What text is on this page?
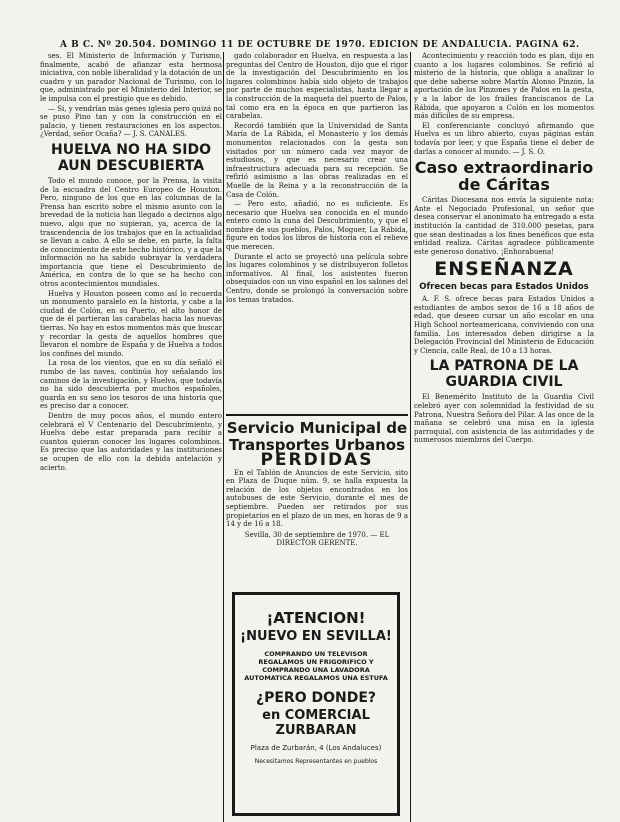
A B C. Nº 20.504. DOMINGO 11 DE OCTUBRE DE 1970. EDICION DE ANDALUCIA. PAGINA 62.

ses. El Ministerio de Información y Turismo, finalmente, acabó de afianzar esta hermosa iniciativa, con noble liberalidad y la dotación de un cuadro y un parador Nacional de Turismo, con lo que, administrado por el Ministerio del Interior, se le impulsa con el prestigio que es debido.

— Si, y vendrían más genes iglesia pero quizá no se puso Pino tan y con la construcción en el palacio, y tienen restauraciones en los aspectos. ¿Verdad, señor Ocaña? — J. S. CANALES.

HUELVA NO HA SIDO AUN DESCUBIERTA

Todo el mundo conoce, por la Prensa, la visita de la escuadra del Centro Europeo de Houston. Pero, ninguno de los que en las columnas de la Prensa han escrito sobre el mismo asunto con la brevedad de la noticia han llegado a decirnos algo nuevo, algo que no supieran, ya, acerca de la trascendencia de los trabajos que en la actualidad se llevan a cabo. A ello se debe, en parte, la falta de conocimiento de este hecho histórico, y a que la información no ha sabido subrayar la verdadera importancia que tiene el Descubrimiento de América, en contra de lo que se ha hecho con otros acontecimientos mundiales.

Huelva y Houston poseen como así lo recuerda un monumento paralelo en la historia, y cabe a la ciudad de Colón, en su Puerto, el alto honor de que de él partieran las carabelas hacia las nuevas tierras. No hay en estos momentos más que buscar y recordar la gesta de aquellos hombres que llevaron el nombre de España y de Huelva a todos los confines del mundo.

La rosa de los vientos, que en su día señaló el rumbo de las naves, continúa hoy señalando los caminos de la investigación, y Huelva, que todavía no ha sido descubierta por muchos españoles, guarda en su seno los tesoros de una historia que es preciso dar a conocer.

Dentro de muy pocos años, el mundo entero celebrará el V Centenario del Descubrimiento, y Huelva debe estar preparada para recibir a cuantos quieran conocer los lugares colombinos. Es preciso que las autoridades y las instituciones se ocupen de ello con la debida antelación y acierto.

gado colaborador en Huelva, en respuesta a las preguntas del Centro de Houston, dijo que el rigor de la investigación del Descubrimiento en los lugares colombinos había sido objeto de trabajos por parte de muchos especialistas, hasta llegar a la construcción de la maqueta del puerto de Palos, tal como era en la época en que partieron las carabelas.

Recordó también que la Universidad de Santa María de La Rábida, el Monasterio y los demás monumentos relacionados con la gesta son visitados por un número cada vez mayor de estudiosos, y que es necesario crear una infraestructura adecuada para su recepción. Se refirió asimismo a las obras realizadas en el Muelle de la Reina y a la reconstrucción de la Casa de Colón.

— Pero esto, añadió, no es suficiente. Es necesario que Huelva sea conocida en el mundo entero como la cuna del Descubrimiento, y que el nombre de sus pueblos, Palos, Moguer, La Rábida, figure en todos los libros de historia con el relieve que merecen.

Durante el acto se proyectó una película sobre los lugares colombinos y se distribuyeron folletos informativos. Al final, los asistentes fueron obsequiados con un vino español en los salones del Centro, donde se prolongó la conversación sobre los temas tratados.

Servicio Municipal de Transportes Urbanos
PERDIDAS

En el Tablón de Anuncios de este Servicio, sito en Plaza de Duque núm. 9, se halla expuesta la relación de los objetos encontrados en los autobuses de este Servicio, durante el mes de septiembre. Pueden ser retirados por sus propietarios en el plazo de un mes, en horas de 9 a 14 y de 16 a 18.

Sevilla, 30 de septiembre de 1970. — EL DIRECTOR GERENTE.
¡ATENCION!
¡NUEVO EN SEVILLA!
COMPRANDO UN TELEVISOR REGALAMOS UN FRIGORIFICO Y COMPRANDO UNA LAVADORA AUTOMATICA REGALAMOS UNA ESTUFA
¿PERO DONDE?
en COMERCIAL ZURBARAN
Plaza de Zurbarán, 4 (Los Andaluces)
Necesitamos Representantes en pueblos

Acontecimiento y reacción todo es plan, dijo en cuanto a los lugares colombinos. Se refirió al misterio de la historia, que obliga a analizar lo que debe saberse sobre Martín Alonso Pinzón, la aportación de los Pinzones y de Palos en la gesta, y a la labor de los frailes franciscanos de La Rábida, que apoyaron a Colón en los momentos más difíciles de su empresa.

El conferenciante concluyó afirmando que Huelva es un libro abierto, cuyas páginas están todavía por leer, y que España tiene el deber de darlas a conocer al mundo. — J. S. O.

Caso extraordinario de Cáritas

Cáritas Diocesana nos envía la siguiente nota: Ante el Negociado Profesional, un señor que desea conservar el anonimato ha entregado a esta institución la cantidad de 310.000 pesetas, para que sean destinadas a los fines benéficos que esta entidad realiza. Cáritas agradece públicamente este generoso donativo. ¡Enhorabuena!

ENSEÑANZA
Ofrecen becas para Estados Unidos

A. F. S. ofrece becas para Estados Unidos a estudiantes de ambos sexos de 16 a 18 años de edad, que deseen cursar un año escolar en una High School norteamericana, conviviendo con una familia. Los interesados deben dirigirse a la Delegación Provincial del Ministerio de Educación y Ciencia, calle Real, de 10 a 13 horas.

LA PATRONA DE LA GUARDIA CIVIL

El Benemérito Instituto de la Guardia Civil celebró ayer con solemnidad la festividad de su Patrona, Nuestra Señora del Pilar. A las once de la mañana se celebró una misa en la iglesia parroquial, con asistencia de las autoridades y de numerosos miembros del Cuerpo.
